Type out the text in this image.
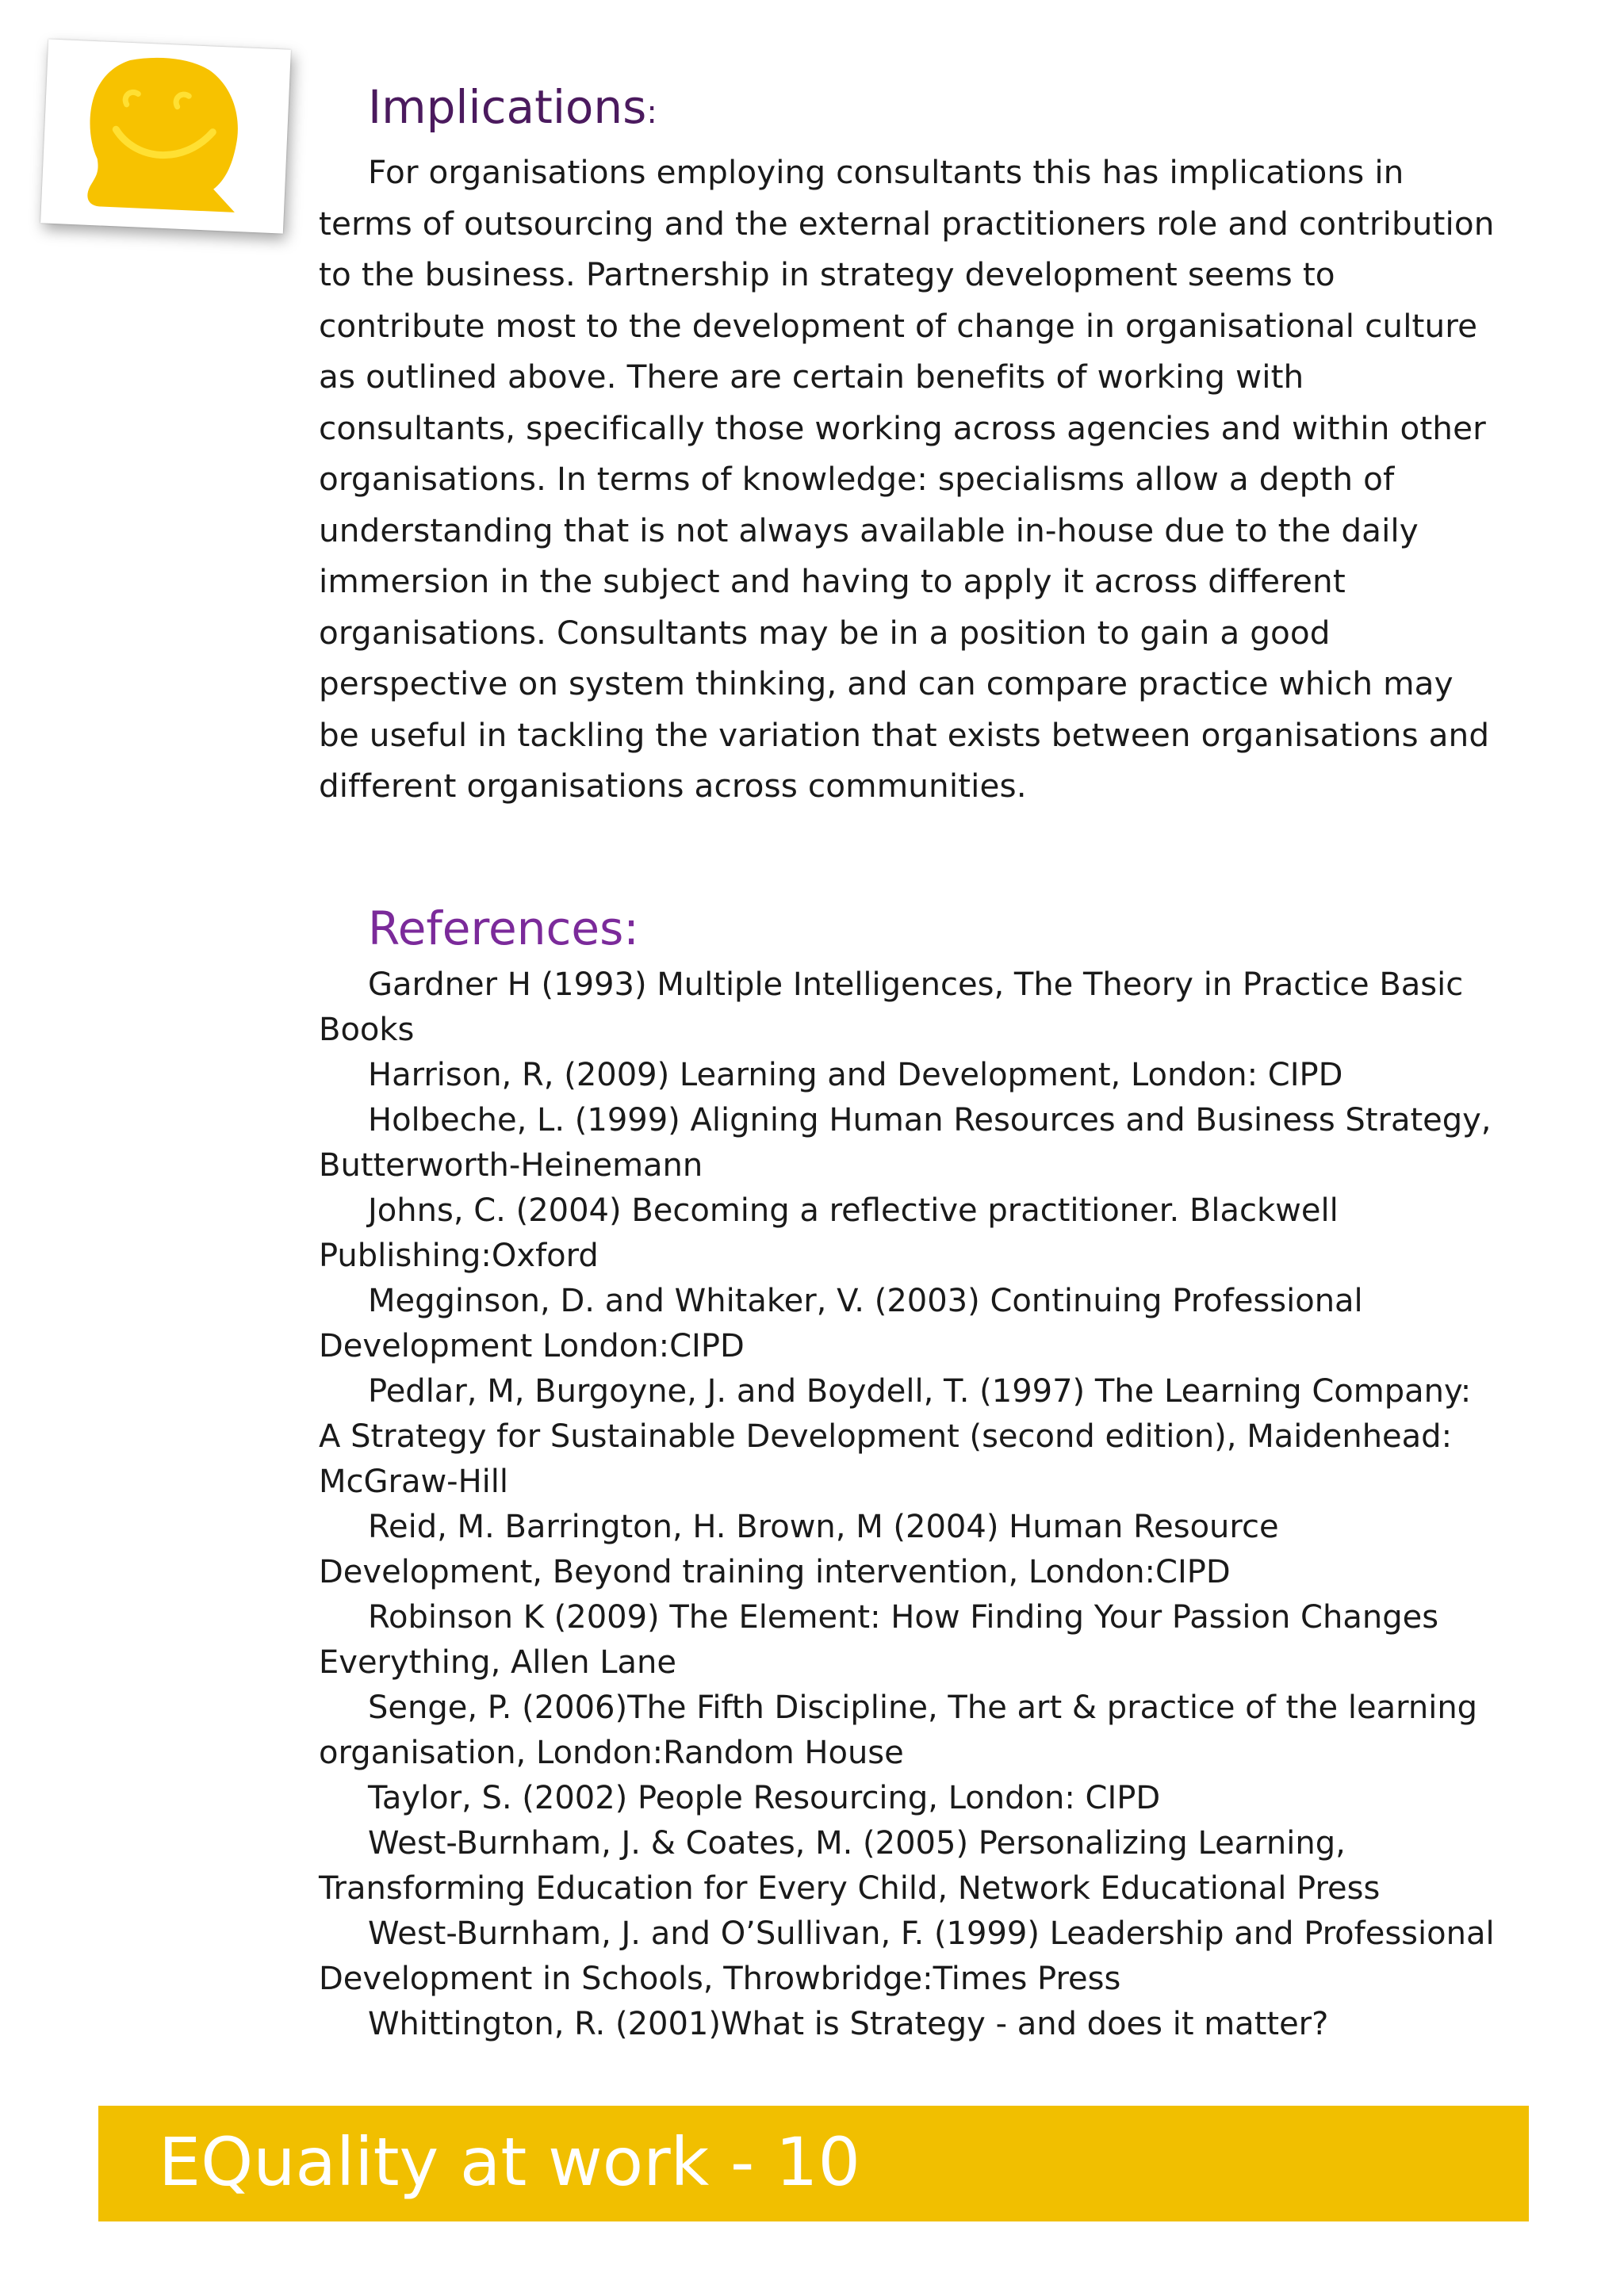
Implications:

For organisations employing consultants this has implications in terms of outsourcing and the external practitioners role and contribution to the business. Partnership in strategy development seems to contribute most to the development of change in organisational culture as outlined above. There are certain benefits of working with consultants, specifically those working across agencies and within other organisations. In terms of knowledge: specialisms allow a depth of understanding that is not always available in-house due to the daily immersion in the subject and having to apply it across different organisations. Consultants may be in a position to gain a good perspective on system thinking, and can compare practice which may be useful in tackling the variation that exists between organisations and different organisations across communities.

References:
Gardner H (1993) Multiple Intelligences, The Theory in Practice Basic Books
Harrison, R, (2009) Learning and Development, London: CIPD
Holbeche, L. (1999) Aligning Human Resources and Business Strategy, Butterworth-Heinemann
Johns, C. (2004) Becoming a reflective practitioner. Blackwell Publishing:Oxford
Megginson, D. and Whitaker, V. (2003) Continuing Professional Development London:CIPD
Pedlar, M, Burgoyne, J. and Boydell, T. (1997) The Learning Company: A Strategy for Sustainable Development (second edition), Maidenhead: McGraw-Hill
Reid, M. Barrington, H. Brown, M (2004) Human Resource Development, Beyond training intervention, London:CIPD
Robinson K (2009) The Element: How Finding Your Passion Changes Everything, Allen Lane
Senge, P. (2006)The Fifth Discipline, The art & practice of the learning organisation, London:Random House
Taylor, S. (2002) People Resourcing, London: CIPD
West-Burnham, J. & Coates, M. (2005) Personalizing Learning, Transforming Education for Every Child, Network Educational Press
West-Burnham, J. and O’Sullivan, F. (1999) Leadership and Professional Development in Schools, Throwbridge:Times Press
Whittington, R. (2001)What is Strategy - and does it matter?
EQuality at work - 10
